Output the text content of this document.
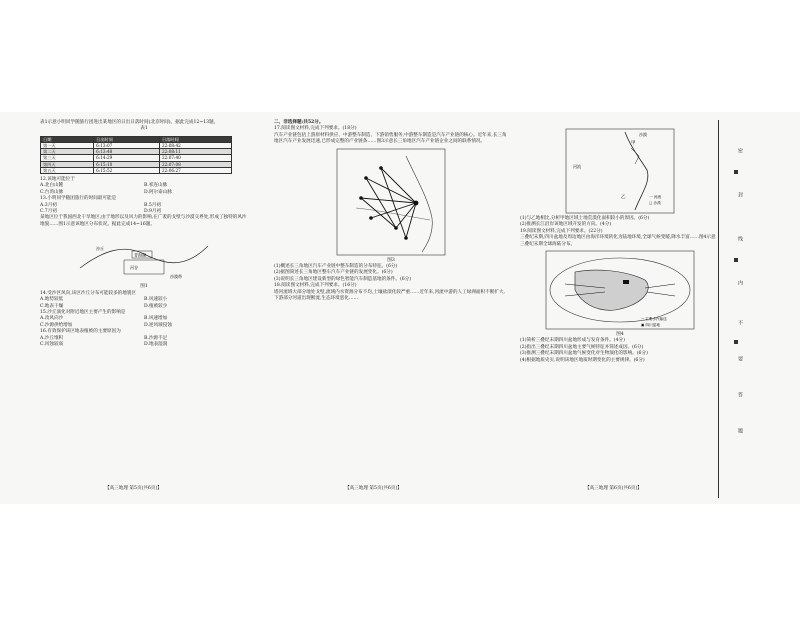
表1示意小明同学随旅行团进出某地区的日出日落时间(北京时间)。据此完成12~13题。

表1

日期	日出时间	日落时间
第一天	6:13:07	22:08:42
第二天	6:13:48	22:08:11
第三天	6:14:29	22:07:40
第四天	6:15:10	22:07:08
第五天	6:15:52	22:06:27

12.该地可能位于

A.北白山麓	B.祁连山脉
C.台湾山脉	D.阿尔泰山脉

13.小明同学随团旅行的时间最可能是

A.3月初	B.5月初
C.7月初	D.9月初

某地区位于我国西北干旱地区,由于地形以及风力的影响,在广袤的戈壁与沙漠交界处,形成了独特的风沙地貌……图1示意该地区分布状况。据此完成14~16题。

青海湖
沙丘
河谷
沙漠带

图1

14.受沙区风向,该区沙丘分布可能较多的地貌区

A.地势较低	B.风速较小
C.地表干燥	D.植被较少

15.沙丘演化对附近地区主要产生的影响是

A.改风向沙	B.风速增加
C.沙源供给增加	D.逆风坡侵蚀

16.有效保护该区地表植被的主要原因为

A.沙丘堆积	B.沙源不足
C.风蚀较弱	D.地表湿润
【高三地理 第5页(共6页)】

二、非选择题:共52分。

17.阅读图文材料,完成下列要求。(18分)

汽车产业链包括上游原材料供应、中游整车制造、下游销售服务,中游整车制造是汽车产业链的核心。近年来,长三角地区汽车产业发展迅速,已形成完整的产业链条……图3示意长三角地区汽车产业链企业之间的联系情况。

图3

(1)概述长三角地区汽车产业链中整车制造的分布特征。(6分)

(2)据图简述长三角地区整车汽车产业链的发展变化。(6分)

(3)说明长三角地区建设新型的绿色智能汽车制造基地的条件。(6分)

18.阅读图文材料,完成下列要求。(16分)

塔河流域大部分地处戈壁,流域内水资源分布不均,土壤盐渍化较严重……近年来,河流中游的人工绿洲面积不断扩大,下游部分河道出现断流,生态环境恶化……

【高三地理 第5页(共6页)】
甲
乙
沙漠
河流
一 河流
□ 沙漠

(1)与乙地相比,分析甲地区域土地荒漠化面积较小的原因。(6分)

(2)推测长江沿岸该地区域开发的方向。(4分)

19.阅读图文材料,完成下列要求。(22分)

三叠纪末期,四川盆地及周边地区由海洋环境转化为陆地环境,全球气候变暖,降水丰富……图4示意三叠纪末期全球海陆分布。

→ 主要水汽输送
▣ 四川盆地

图4

(1)简析三叠纪末期四川盆地形成与发育条件。(4分)

(2)指出三叠纪末期四川盆地主要气候特征并简述成因。(6分)

(3)推测三叠纪末期四川盆地气候变化对生物演化的影响。(6分)

(4)根据地质史实,说明该地区地质时期变化的主要规律。(6分)

【高三地理 第6页(共6页)】
密
封
线
内
不
要
答
题
